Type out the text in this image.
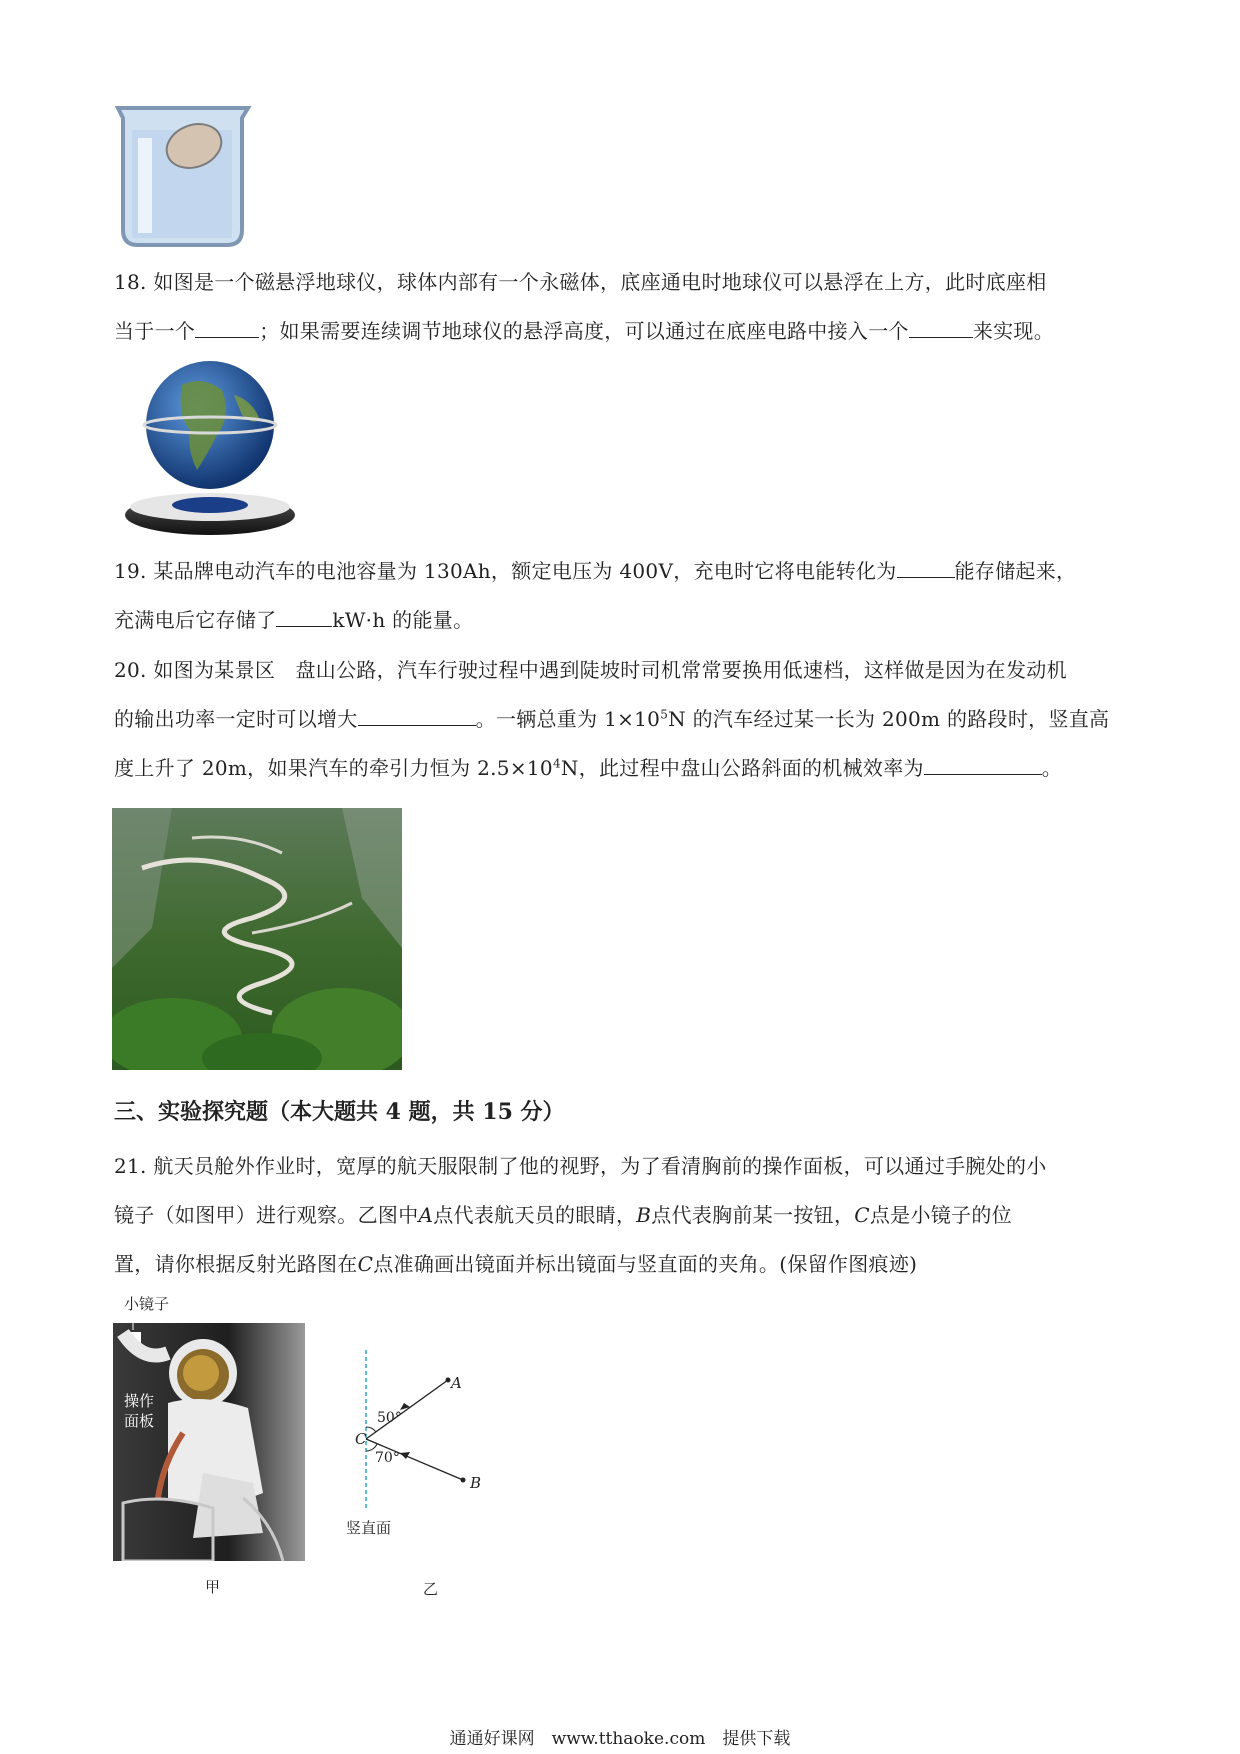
18. 如图是一个磁悬浮地球仪，球体内部有一个永磁体，底座通电时地球仪可以悬浮在上方，此时底座相
当于一个	；如果需要连续调节地球仪的悬浮高度，可以通过在底座电路中接入一个	来实现。
19. 某品牌电动汽车的电池容量为 130Ah，额定电压为 400V，充电时它将电能转化为	能存储起来，
充满电后它存储了	kW·h 的能量。
20. 如图为某景区　盘山公路，汽车行驶过程中遇到陡坡时司机常常要换用低速档，这样做是因为在发动机
的输出功率一定时可以增大	。一辆总重为 $1\times 10^5N$ 的汽车经过某一长为 200m 的路段时，竖直高
度上升了 20m，如果汽车的牵引力恒为 $2.5\times 10^4N$，此过程中盘山公路斜面的机械效率为	。
三、实验探究题（本大题共 4 题，共 15 分）
21. 航天员舱外作业时，宽厚的航天服限制了他的视野，为了看清胸前的操作面板，可以通过手腕处的小
镜子（如图甲）进行观察。乙图中A点代表航天员的眼睛，B点代表胸前某一按钮，C点是小镜子的位
置，请你根据反射光路图在C点准确画出镜面并标出镜面与竖直面的夹角。(保留作图痕迹)
小镜子
操作
面板
甲
A
B
C
50°
70°
竖直面
乙
通通好课网　www.tthaoke.com　提供下载
